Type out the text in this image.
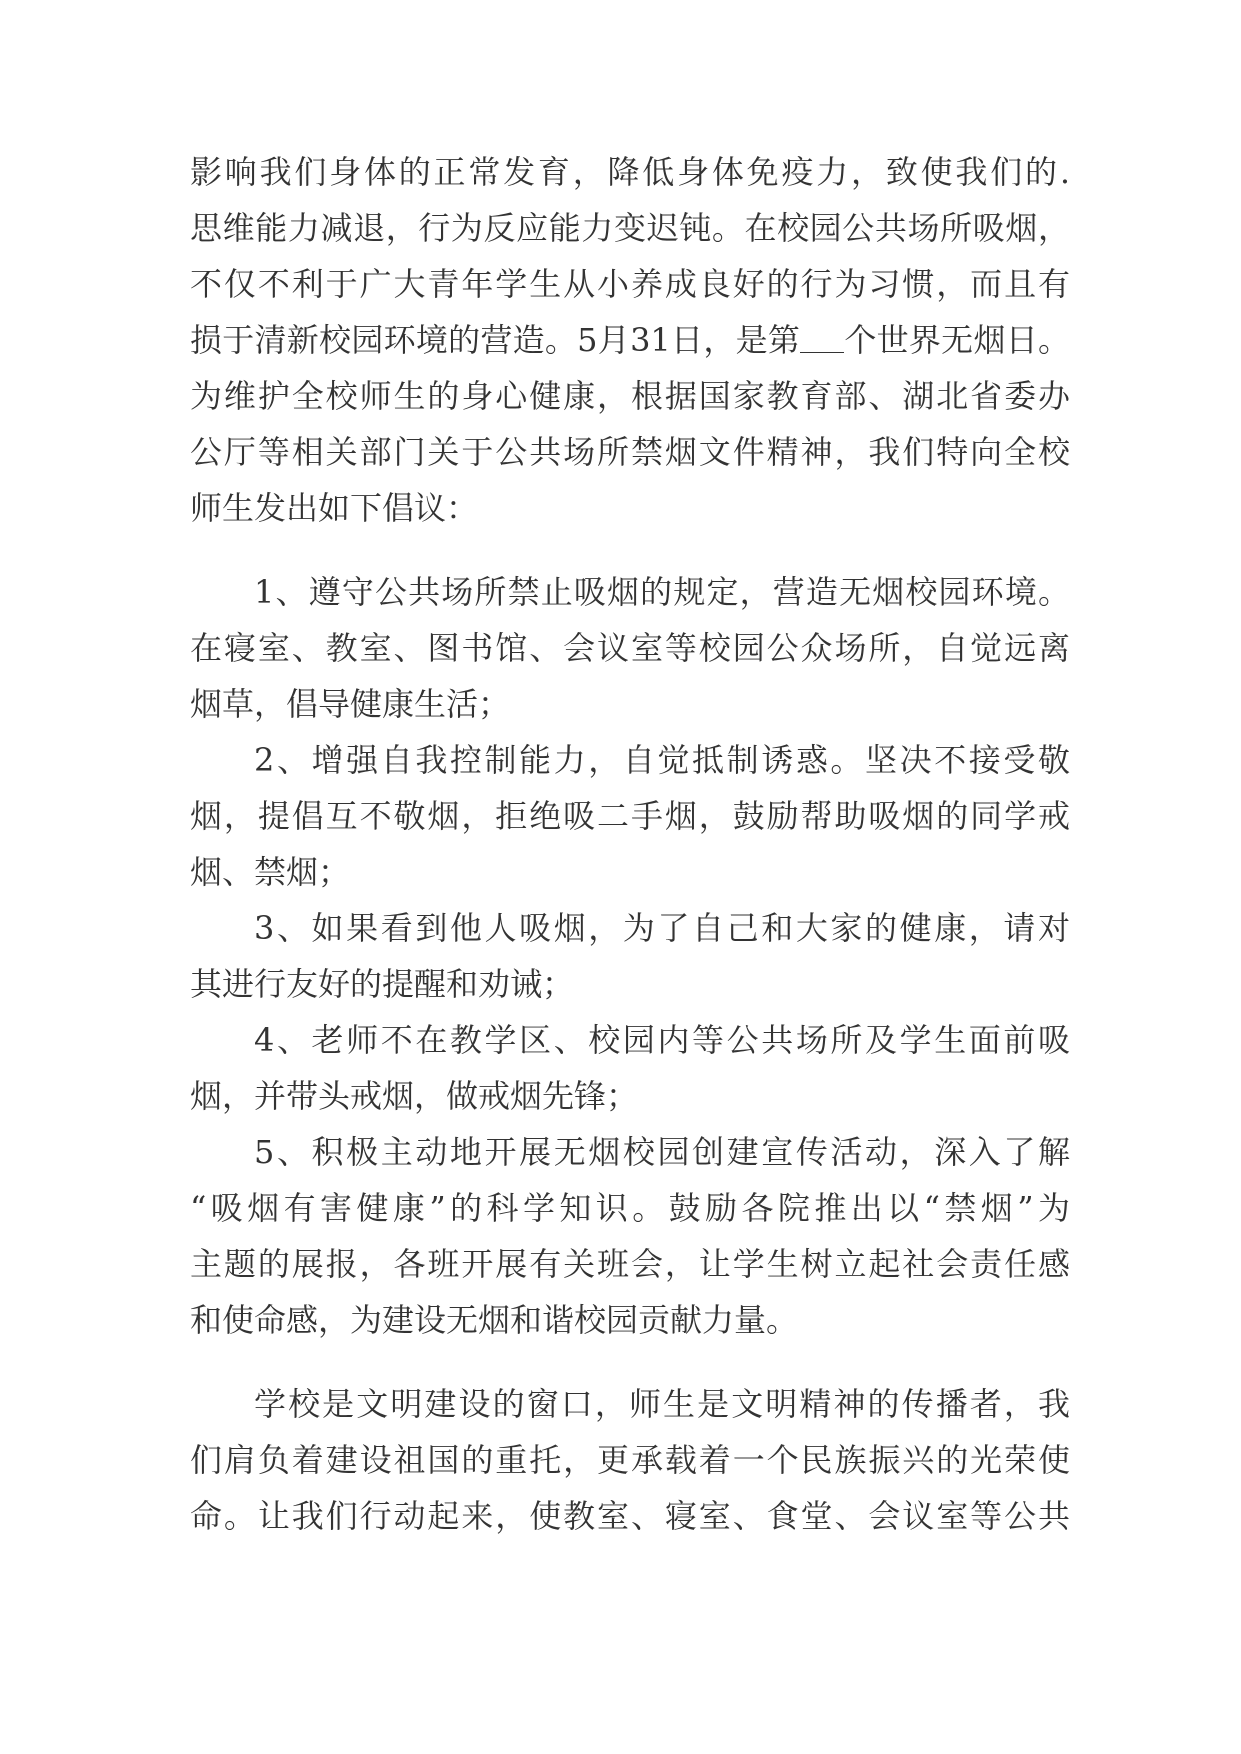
影响我们身体的正常发育，降低身体免疫力，致使我们的.
思维能力减退，行为反应能力变迟钝。在校园公共场所吸烟，
不仅不利于广大青年学生从小养成良好的行为习惯，而且有
损于清新校园环境的营造。5月31日，是第 个世界无烟日。
为维护全校师生的身心健康，根据国家教育部、湖北省委办
公厅等相关部门关于公共场所禁烟文件精神，我们特向全校
师生发出如下倡议：
1、遵守公共场所禁止吸烟的规定，营造无烟校园环境。
在寝室、教室、图书馆、会议室等校园公众场所，自觉远离
烟草，倡导健康生活；
2、增强自我控制能力，自觉抵制诱惑。坚决不接受敬
烟，提倡互不敬烟，拒绝吸二手烟，鼓励帮助吸烟的同学戒
烟、禁烟；
3、如果看到他人吸烟，为了自己和大家的健康，请对
其进行友好的提醒和劝诫；
4、老师不在教学区、校园内等公共场所及学生面前吸
烟，并带头戒烟，做戒烟先锋；
5、积极主动地开展无烟校园创建宣传活动，深入了解
“吸烟有害健康”的科学知识。鼓励各院推出以“禁烟”为
主题的展报，各班开展有关班会，让学生树立起社会责任感
和使命感，为建设无烟和谐校园贡献力量。
学校是文明建设的窗口，师生是文明精神的传播者，我
们肩负着建设祖国的重托，更承载着一个民族振兴的光荣使
命。让我们行动起来，使教室、寝室、食堂、会议室等公共
